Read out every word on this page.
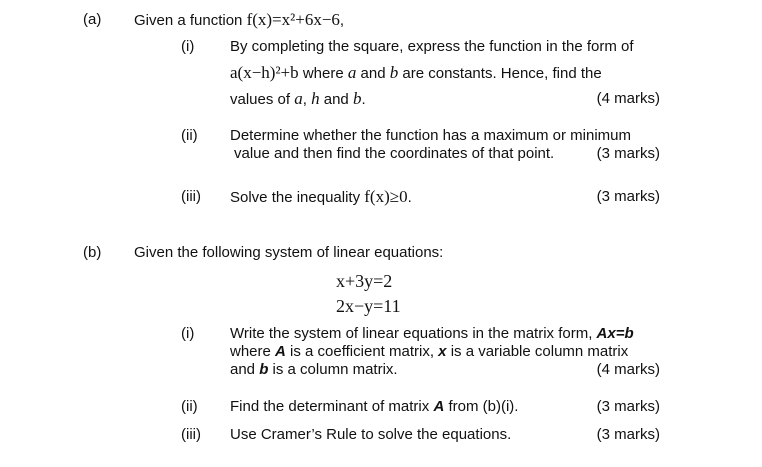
(a) Given a function f(x)=x²+6x−6,
(i) By completing the square, express the function in the form of
a(x−h)²+b where a and b are constants. Hence, find the
values of a, h and b.	(4 marks)
(ii) Determine whether the function has a maximum or minimum
value and then find the coordinates of that point.	(3 marks)
(iii) Solve the inequality f(x)≥0.	(3 marks)
(b) Given the following system of linear equations:
x+3y=2
2x−y=11
(i) Write the system of linear equations in the matrix form, Ax=b
where A is a coefficient matrix, x is a variable column matrix
and b is a column matrix.	(4 marks)
(ii) Find the determinant of matrix A from (b)(i).	(3 marks)
(iii) Use Cramer’s Rule to solve the equations.	(3 marks)
